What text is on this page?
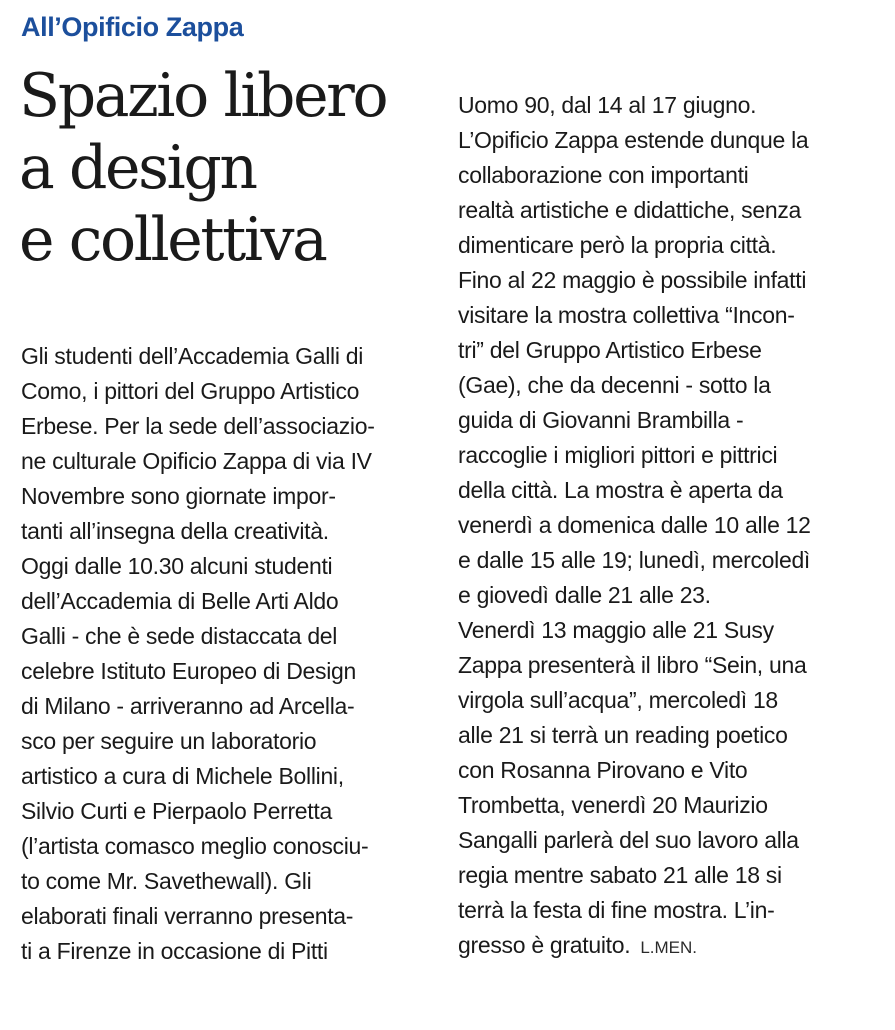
All’Opificio Zappa
Spazio libero
a design
e collettiva
Gli studenti dell’Accademia Galli di
Como, i pittori del Gruppo Artistico
Erbese. Per la sede dell’associazio-
ne culturale Opificio Zappa di via IV
Novembre sono giornate impor-
tanti all’insegna della creatività.
Oggi dalle 10.30 alcuni studenti
dell’Accademia di Belle Arti Aldo
Galli - che è sede distaccata del
celebre Istituto Europeo di Design
di Milano - arriveranno ad Arcella-
sco per seguire un laboratorio
artistico a cura di Michele Bollini,
Silvio Curti e Pierpaolo Perretta
(l’artista comasco meglio conosciu-
to come Mr. Savethewall). Gli
elaborati finali verranno presenta-
ti a Firenze in occasione di Pitti
Uomo 90, dal 14 al 17 giugno.
L’Opificio Zappa estende dunque la
collaborazione con importanti
realtà artistiche e didattiche, senza
dimenticare però la propria città.
Fino al 22 maggio è possibile infatti
visitare la mostra collettiva “Incon-
tri” del Gruppo Artistico Erbese
(Gae), che da decenni - sotto la
guida di Giovanni Brambilla -
raccoglie i migliori pittori e pittrici
della città. La mostra è aperta da
venerdì a domenica dalle 10 alle 12
e dalle 15 alle 19; lunedì, mercoledì
e giovedì dalle 21 alle 23.
Venerdì 13 maggio alle 21 Susy
Zappa presenterà il libro “Sein, una
virgola sull’acqua”, mercoledì 18
alle 21 si terrà un reading poetico
con Rosanna Pirovano e Vito
Trombetta, venerdì 20 Maurizio
Sangalli parlerà del suo lavoro alla
regia mentre sabato 21 alle 18 si
terrà la festa di fine mostra. L’in-
gresso è gratuito. L.MEN.
